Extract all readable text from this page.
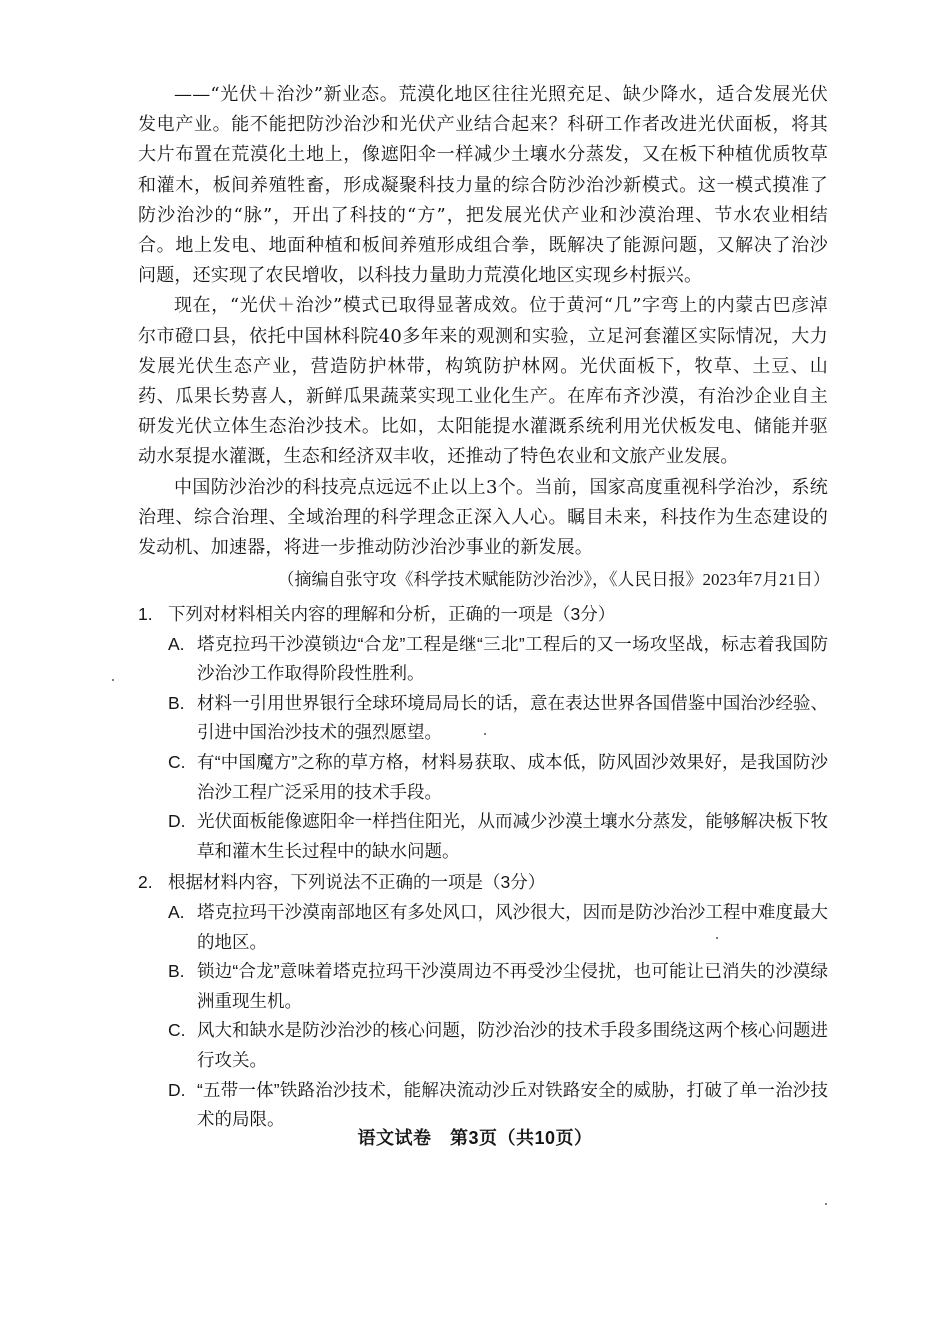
——“光伏＋治沙”新业态。荒漠化地区往往光照充足、缺少降水，适合发展光伏发电产业。能不能把防沙治沙和光伏产业结合起来？科研工作者改进光伏面板，将其大片布置在荒漠化土地上，像遮阳伞一样减少土壤水分蒸发，又在板下种植优质牧草和灌木，板间养殖牲畜，形成凝聚科技力量的综合防沙治沙新模式。这一模式摸准了防沙治沙的“脉”，开出了科技的“方”，把发展光伏产业和沙漠治理、节水农业相结合。地上发电、地面种植和板间养殖形成组合拳，既解决了能源问题，又解决了治沙问题，还实现了农民增收，以科技力量助力荒漠化地区实现乡村振兴。

现在，“光伏＋治沙”模式已取得显著成效。位于黄河“几”字弯上的内蒙古巴彦淖尔市磴口县，依托中国林科院40多年来的观测和实验，立足河套灌区实际情况，大力发展光伏生态产业，营造防护林带，构筑防护林网。光伏面板下，牧草、土豆、山药、瓜果长势喜人，新鲜瓜果蔬菜实现工业化生产。在库布齐沙漠，有治沙企业自主研发光伏立体生态治沙技术。比如，太阳能提水灌溉系统利用光伏板发电、储能并驱动水泵提水灌溉，生态和经济双丰收，还推动了特色农业和文旅产业发展。

中国防沙治沙的科技亮点远远不止以上3个。当前，国家高度重视科学治沙，系统治理、综合治理、全域治理的科学理念正深入人心。瞩目未来，科技作为生态建设的发动机、加速器，将进一步推动防沙治沙事业的新发展。

（摘编自张守攻《科学技术赋能防沙治沙》，《人民日报》2023年7月21日）
1. 下列对材料相关内容的理解和分析，正确的一项是（3分）
A. 塔克拉玛干沙漠锁边“合龙”工程是继“三北”工程后的又一场攻坚战，标志着我国防沙治沙工作取得阶段性胜利。
B. 材料一引用世界银行全球环境局局长的话，意在表达世界各国借鉴中国治沙经验、引进中国治沙技术的强烈愿望。
C. 有“中国魔方”之称的草方格，材料易获取、成本低，防风固沙效果好，是我国防沙治沙工程广泛采用的技术手段。
D. 光伏面板能像遮阳伞一样挡住阳光，从而减少沙漠土壤水分蒸发，能够解决板下牧草和灌木生长过程中的缺水问题。
2. 根据材料内容，下列说法不正确的一项是（3分）
A. 塔克拉玛干沙漠南部地区有多处风口，风沙很大，因而是防沙治沙工程中难度最大的地区。
B. 锁边“合龙”意味着塔克拉玛干沙漠周边不再受沙尘侵扰，也可能让已消失的沙漠绿洲重现生机。
C. 风大和缺水是防沙治沙的核心问题，防沙治沙的技术手段多围绕这两个核心问题进行攻关。
D. “五带一体”铁路治沙技术，能解决流动沙丘对铁路安全的威胁，打破了单一治沙技术的局限。
语文试卷　第3页（共10页）
